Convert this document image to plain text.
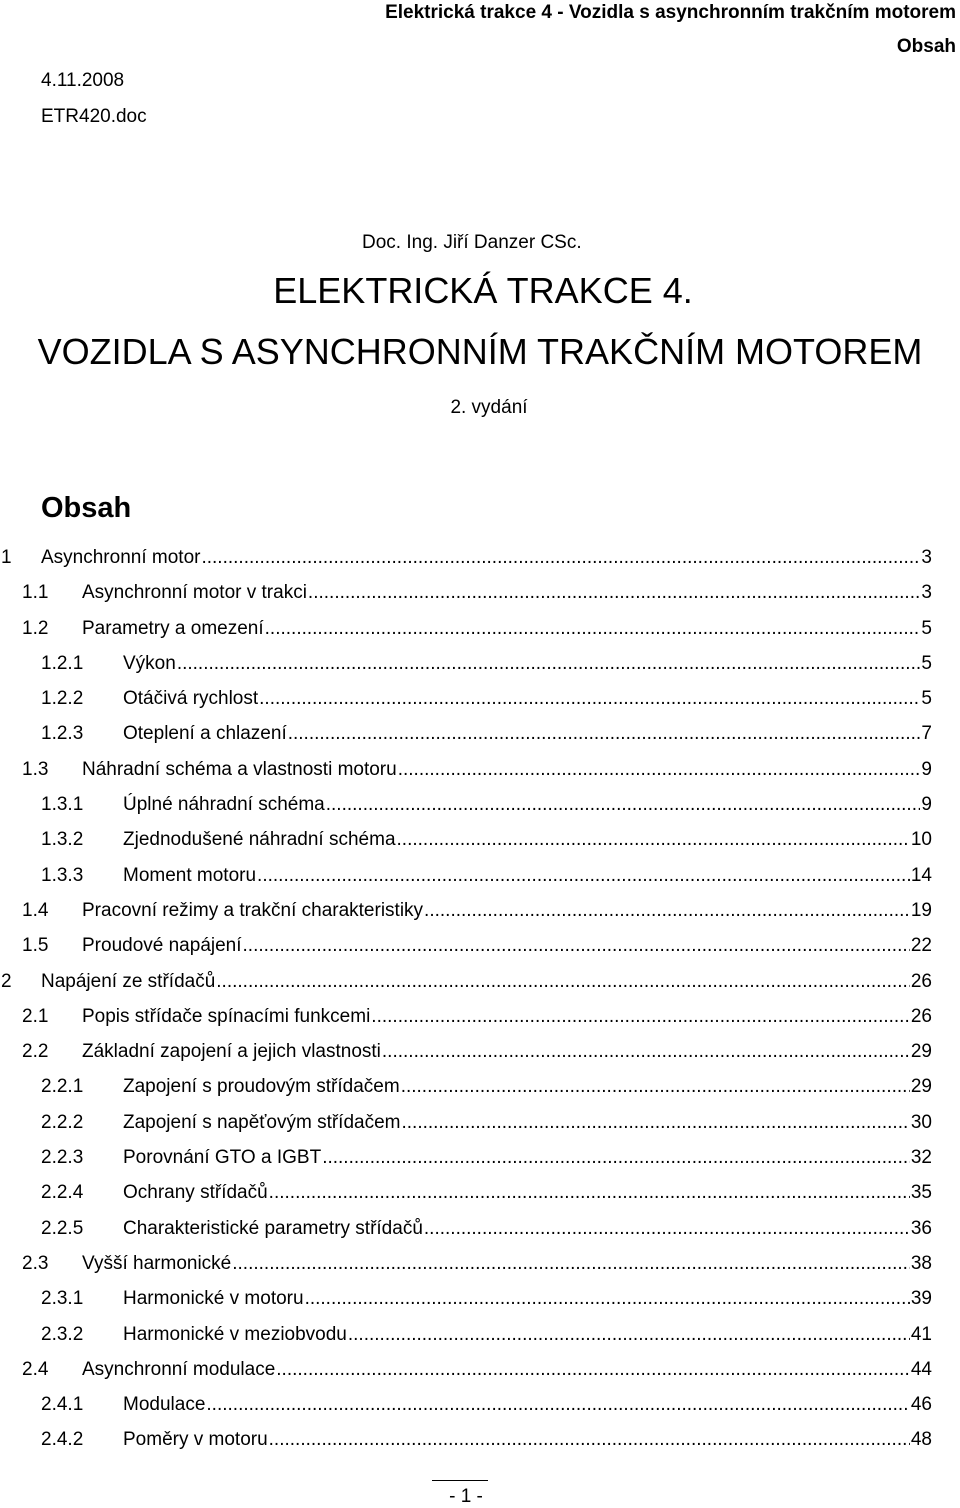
Elektrická trakce 4 - Vozidla s asynchronním trakčním motorem
Obsah
4.11.2008
ETR420.doc
Doc. Ing. Jiří Danzer CSc.
ELEKTRICKÁ TRAKCE 4.
VOZIDLA S ASYNCHRONNÍM TRAKČNÍM MOTOREM
2. vydání
Obsah
1 Asynchronní motor .....	3
1.1 Asynchronní motor v trakci .....	3
1.2 Parametry a omezení .....	5
1.2.1 Výkon .....	5
1.2.2 Otáčivá rychlost .....	5
1.2.3 Oteplení a chlazení .....	7
1.3 Náhradní schéma a vlastnosti motoru .....	9
1.3.1 Úplné náhradní schéma .....	9
1.3.2 Zjednodušené náhradní schéma .....	10
1.3.3 Moment motoru .....	14
1.4 Pracovní režimy a trakční charakteristiky .....	19
1.5 Proudové napájení .....	22
2 Napájení ze střídačů .....	26
2.1 Popis střídače spínacími funkcemi .....	26
2.2 Základní zapojení a jejich vlastnosti .....	29
2.2.1 Zapojení s proudovým střídačem .....	29
2.2.2 Zapojení s napěťovým střídačem .....	30
2.2.3 Porovnání GTO a IGBT .....	32
2.2.4 Ochrany střídačů .....	35
2.2.5 Charakteristické parametry střídačů .....	36
2.3 Vyšší harmonické .....	38
2.3.1 Harmonické v motoru .....	39
2.3.2 Harmonické v meziobvodu .....	41
2.4 Asynchronní modulace .....	44
2.4.1 Modulace .....	46
2.4.2 Poměry v motoru .....	48
- 1 -
